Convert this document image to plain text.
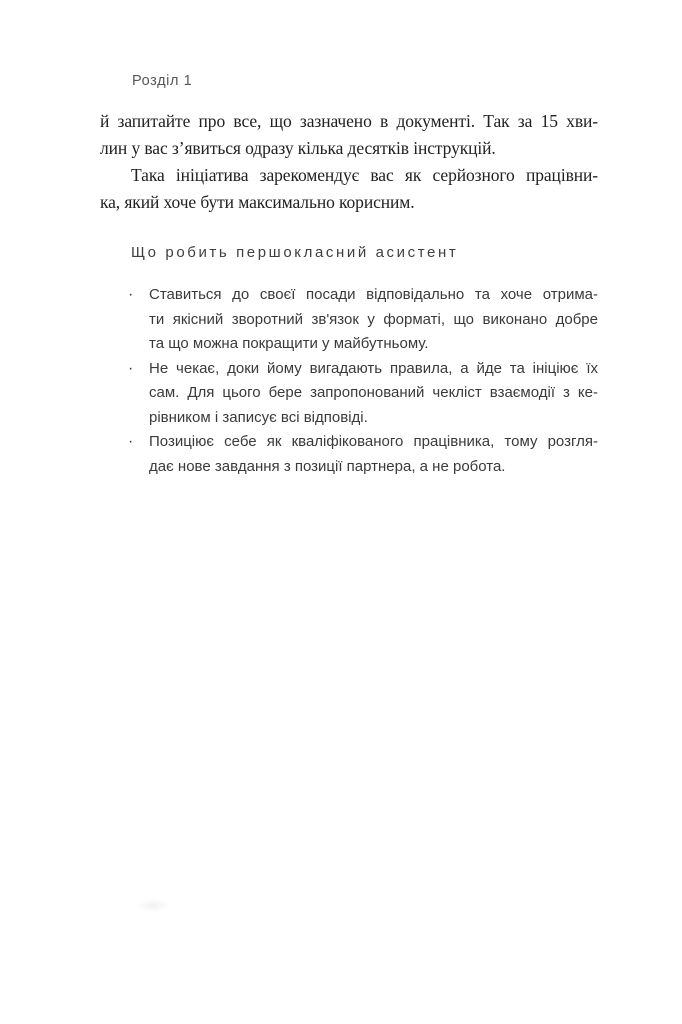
Розділ 1
й запитайте про все, що зазначено в документі. Так за 15 хви-
лин у вас з’явиться одразу кілька десятків інструкцій.
Така ініціатива зарекомендує вас як серйозного працівни-
ка, який хоче бути максимально корисним.
Що робить першокласний асистент
·	Ставиться до своєї посади відповідально та хоче отрима-
ти якісний зворотний зв'язок у форматі, що виконано добре
та що можна покращити у майбутньому.
·	Не чекає, доки йому вигадають правила, а йде та ініціює їх
сам. Для цього бере запропонований чекліст взаємодії з ке-
рівником і записує всі відповіді.
·	Позиціює себе як кваліфікованого працівника, тому розгля-
дає нове завдання з позиції партнера, а не робота.
